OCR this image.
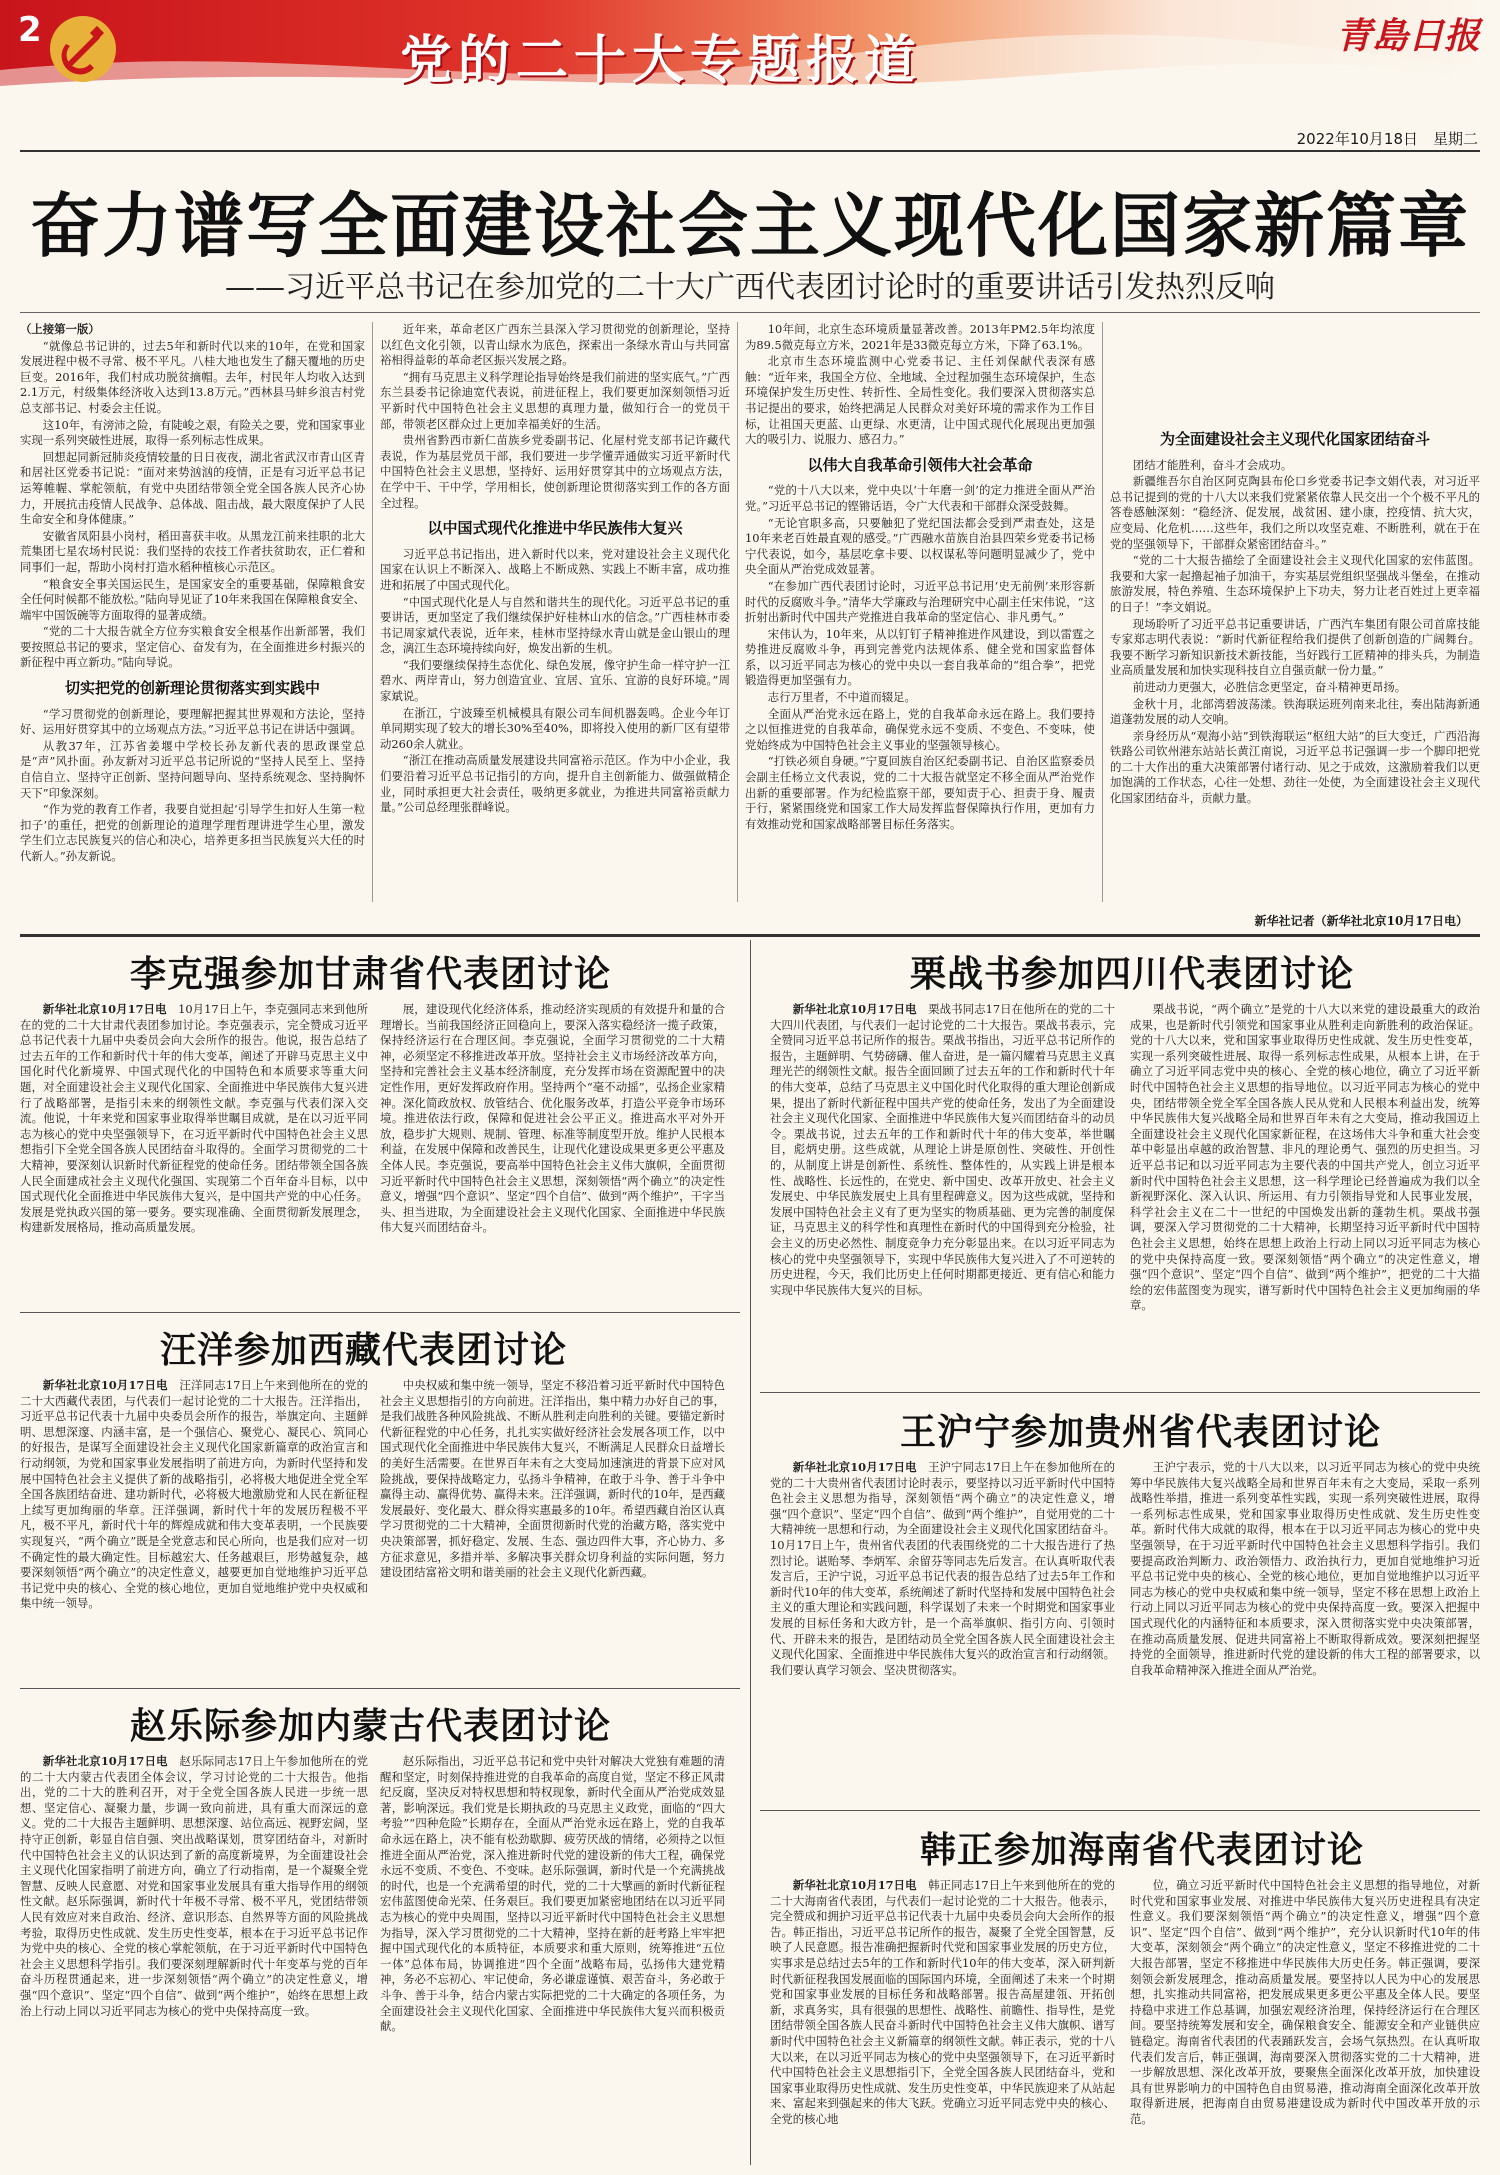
2
党的二十大专题报道	青島日报
2022年10月18日　星期二
奋力谱写全面建设社会主义现代化国家新篇章
——习近平总书记在参加党的二十大广西代表团讨论时的重要讲话引发热烈反响

（上接第一版）

“就像总书记讲的，过去5年和新时代以来的10年，在党和国家发展进程中极不寻常、极不平凡。八桂大地也发生了翻天覆地的历史巨变。2016年，我们村成功脱贫摘帽。去年，村民年人均收入达到2.1万元，村级集体经济收入达到13.8万元。”西林县马蚌乡浪吉村党总支部书记、村委会主任说。

这10年，有滂沛之险，有陡峻之艰，有险关之要，党和国家事业实现一系列突破性进展，取得一系列标志性成果。

回想起同新冠肺炎疫情较量的日日夜夜，湖北省武汉市青山区青和居社区党委书记说：“面对来势汹汹的疫情，正是有习近平总书记运筹帷幄、掌舵领航，有党中央团结带领全党全国各族人民齐心协力，开展抗击疫情人民战争、总体战、阻击战，最大限度保护了人民生命安全和身体健康。”

安徽省凤阳县小岗村，稻田喜获丰收。从黑龙江前来挂职的北大荒集团七星农场村民说：我们坚持的农技工作者扶贫助农，正仁着和同事们一起，帮助小岗村打造水稻种植核心示范区。

“粮食安全事关国运民生，是国家安全的重要基础，保障粮食安全任何时候都不能放松。”陆向导见证了10年来我国在保障粮食安全、端牢中国饭碗等方面取得的显著成绩。

“党的二十大报告就全方位夯实粮食安全根基作出新部署，我们要按照总书记的要求，坚定信心、奋发有为，在全面推进乡村振兴的新征程中再立新功。”陆向导说。

切实把党的创新理论贯彻落实到实践中

“学习贯彻党的创新理论，要理解把握其世界观和方法论，坚持好、运用好贯穿其中的立场观点方法。”习近平总书记在讲话中强调。

从教37年，江苏省姜堰中学校长孙友新代表的思政课堂总是“声”风扑面。孙友新对习近平总书记所说的“坚持人民至上、坚持自信自立、坚持守正创新、坚持问题导向、坚持系统观念、坚持胸怀天下”印象深刻。

“作为党的教育工作者，我要自觉担起‘引导学生扣好人生第一粒扣子’的重任，把党的创新理论的道理学理哲理讲进学生心里，激发学生们立志民族复兴的信心和决心，培养更多担当民族复兴大任的时代新人。”孙友新说。

近年来，革命老区广西东兰县深入学习贯彻党的创新理论，坚持以红色文化引领，以青山绿水为底色，探索出一条绿水青山与共同富裕相得益彰的革命老区振兴发展之路。

“拥有马克思主义科学理论指导始终是我们前进的坚实底气。”广西东兰县委书记徐迪宽代表说，前进征程上，我们要更加深刻领悟习近平新时代中国特色社会主义思想的真理力量，做知行合一的党员干部，带领老区群众过上更加幸福美好的生活。

贵州省黔西市新仁苗族乡党委副书记、化屋村党支部书记许藏代表说，作为基层党员干部，我们要进一步学懂弄通做实习近平新时代中国特色社会主义思想，坚持好、运用好贯穿其中的立场观点方法，在学中干、干中学，学用相长，使创新理论贯彻落实到工作的各方面全过程。

以中国式现代化推进中华民族伟大复兴

习近平总书记指出，进入新时代以来，党对建设社会主义现代化国家在认识上不断深入、战略上不断成熟、实践上不断丰富，成功推进和拓展了中国式现代化。

“中国式现代化是人与自然和谐共生的现代化。习近平总书记的重要讲话，更加坚定了我们继续保护好桂林山水的信念。”广西桂林市委书记周家斌代表说，近年来，桂林市坚持绿水青山就是金山银山的理念，漓江生态环境持续向好，焕发出新的生机。

“我们要继续保持生态优化、绿色发展，像守护生命一样守护一江碧水、两岸青山，努力创造宜业、宜居、宜乐、宜游的良好环境。”周家斌说。

在浙江，宁波臻至机械模具有限公司车间机器轰鸣。企业今年订单同期实现了较大的增长30%至40%，即将投入使用的新厂区有望带动260余人就业。

“浙江在推动高质量发展建设共同富裕示范区。作为中小企业，我们要沿着习近平总书记指引的方向，提升自主创新能力、做强做精企业，同时承担更大社会责任，吸纳更多就业，为推进共同富裕贡献力量。”公司总经理张群峰说。

10年间，北京生态环境质量显著改善。2013年PM2.5年均浓度为89.5微克每立方米，2021年是33微克每立方米，下降了63.1%。

北京市生态环境监测中心党委书记、主任刘保献代表深有感触：“近年来，我国全方位、全地域、全过程加强生态环境保护，生态环境保护发生历史性、转折性、全局性变化。我们要深入贯彻落实总书记提出的要求，始终把满足人民群众对美好环境的需求作为工作目标，让祖国天更蓝、山更绿、水更清，让中国式现代化展现出更加强大的吸引力、说服力、感召力。”

以伟大自我革命引领伟大社会革命

“党的十八大以来，党中央以‘十年磨一剑’的定力推进全面从严治党。”习近平总书记的铿锵话语，令广大代表和干部群众深受鼓舞。

“无论官职多高，只要触犯了党纪国法都会受到严肃查处，这是10年来老百姓最直观的感受。”广西融水苗族自治县四荣乡党委书记杨宁代表说，如今，基层吃拿卡要、以权谋私等问题明显减少了，党中央全面从严治党成效显著。

“在参加广西代表团讨论时，习近平总书记用‘史无前例’来形容新时代的反腐败斗争。”清华大学廉政与治理研究中心副主任宋伟说，“这折射出新时代中国共产党推进自我革命的坚定信心、非凡勇气。”

宋伟认为，10年来，从以钉钉子精神推进作风建设，到以雷霆之势推进反腐败斗争，再到完善党内法规体系、健全党和国家监督体系，以习近平同志为核心的党中央以一套自我革命的“组合拳”，把党锻造得更加坚强有力。

志行万里者，不中道而辍足。

全面从严治党永远在路上，党的自我革命永远在路上。我们要持之以恒推进党的自我革命，确保党永远不变质、不变色、不变味，使党始终成为中国特色社会主义事业的坚强领导核心。

“打铁必须自身硬。”宁夏回族自治区纪委副书记、自治区监察委员会副主任杨立文代表说，党的二十大报告就坚定不移全面从严治党作出新的重要部署。作为纪检监察干部，要知责于心、担责于身、履责于行，紧紧围绕党和国家工作大局发挥监督保障执行作用，更加有力有效推动党和国家战略部署目标任务落实。

为全面建设社会主义现代化国家团结奋斗

团结才能胜利，奋斗才会成功。

新疆维吾尔自治区阿克陶县布伦口乡党委书记李文娟代表，对习近平总书记提到的党的十八大以来我们党紧紧依靠人民交出一个个极不平凡的答卷感触深刻：“稳经济、促发展，战贫困、建小康，控疫情、抗大灾，应变局、化危机……这些年，我们之所以攻坚克难、不断胜利，就在于在党的坚强领导下，干部群众紧密团结奋斗。”

“党的二十大报告描绘了全面建设社会主义现代化国家的宏伟蓝图。我要和大家一起撸起袖子加油干，夯实基层党组织坚强战斗堡垒，在推动旅游发展，特色养殖、生态环境保护上下功夫，努力让老百姓过上更幸福的日子！”李文娟说。

现场聆听了习近平总书记重要讲话，广西汽车集团有限公司首席技能专家郑志明代表说：“新时代新征程给我们提供了创新创造的广阔舞台。我要不断学习新知识新技术新技能，当好践行工匠精神的排头兵，为制造业高质量发展和加快实现科技自立自强贡献一份力量。”

前进动力更强大，必胜信念更坚定，奋斗精神更昂扬。

金秋十月，北部湾碧波荡漾。铁海联运班列南来北往，奏出陆海新通道蓬勃发展的动人交响。

亲身经历从“观海小站”到铁海联运“枢纽大站”的巨大变迁，广西沿海铁路公司钦州港东站站长黄江南说，习近平总书记强调一步一个脚印把党的二十大作出的重大决策部署付诸行动、见之于成效，这激励着我们以更加饱满的工作状态，心往一处想、劲往一处使，为全面建设社会主义现代化国家团结奋斗，贡献力量。

新华社记者（新华社北京10月17日电）
李克强参加甘肃省代表团讨论

新华社北京10月17日电　10月17日上午，李克强同志来到他所在的党的二十大甘肃代表团参加讨论。李克强表示，完全赞成习近平总书记代表十九届中央委员会向大会所作的报告。他说，报告总结了过去五年的工作和新时代十年的伟大变革，阐述了开辟马克思主义中国化时代化新境界、中国式现代化的中国特色和本质要求等重大问题，对全面建设社会主义现代化国家、全面推进中华民族伟大复兴进行了战略部署，是指引未来的纲领性文献。李克强与代表们深入交流。他说，十年来党和国家事业取得举世瞩目成就，是在以习近平同志为核心的党中央坚强领导下，在习近平新时代中国特色社会主义思想指引下全党全国各族人民团结奋斗取得的。全面学习贯彻党的二十大精神，要深刻认识新时代新征程党的使命任务。团结带领全国各族人民全面建成社会主义现代化强国、实现第二个百年奋斗目标，以中国式现代化全面推进中华民族伟大复兴，是中国共产党的中心任务。发展是党执政兴国的第一要务。要实现准确、全面贯彻新发展理念，构建新发展格局，推动高质量发展。

展，建设现代化经济体系，推动经济实现质的有效提升和量的合理增长。当前我国经济正回稳向上，要深入落实稳经济一揽子政策，保持经济运行在合理区间。李克强说，全面学习贯彻党的二十大精神，必须坚定不移推进改革开放。坚持社会主义市场经济改革方向，坚持和完善社会主义基本经济制度，充分发挥市场在资源配置中的决定性作用，更好发挥政府作用。坚持两个“毫不动摇”，弘扬企业家精神。深化简政放权、放管结合、优化服务改革，打造公平竞争市场环境。推进依法行政，保障和促进社会公平正义。推进高水平对外开放，稳步扩大规则、规制、管理、标准等制度型开放。维护人民根本利益，在发展中保障和改善民生，让现代化建设成果更多更公平惠及全体人民。李克强说，要高举中国特色社会主义伟大旗帜，全面贯彻习近平新时代中国特色社会主义思想，深刻领悟“两个确立”的决定性意义，增强“四个意识”、坚定“四个自信”、做到“两个维护”，干字当头、担当进取，为全面建设社会主义现代化国家、全面推进中华民族伟大复兴而团结奋斗。

栗战书参加四川代表团讨论

新华社北京10月17日电　栗战书同志17日在他所在的党的二十大四川代表团，与代表们一起讨论党的二十大报告。栗战书表示，完全赞同习近平总书记所作的报告。栗战书指出，习近平总书记所作的报告，主题鲜明、气势磅礴、催人奋进，是一篇闪耀着马克思主义真理光芒的纲领性文献。报告全面回顾了过去五年的工作和新时代十年的伟大变革，总结了马克思主义中国化时代化取得的重大理论创新成果，提出了新时代新征程中国共产党的使命任务，发出了为全面建设社会主义现代化国家、全面推进中华民族伟大复兴而团结奋斗的动员令。栗战书说，过去五年的工作和新时代十年的伟大变革，举世瞩目，彪炳史册。这些成就，从理论上讲是原创性、突破性、开创性的，从制度上讲是创新性、系统性、整体性的，从实践上讲是根本性、战略性、长远性的，在党史、新中国史、改革开放史、社会主义发展史、中华民族发展史上具有里程碑意义。因为这些成就，坚持和发展中国特色社会主义有了更为坚实的物质基础、更为完善的制度保证，马克思主义的科学性和真理性在新时代的中国得到充分检验，社会主义的历史必然性、制度竞争力充分彰显出来。在以习近平同志为核心的党中央坚强领导下，实现中华民族伟大复兴进入了不可逆转的历史进程，今天，我们比历史上任何时期都更接近、更有信心和能力实现中华民族伟大复兴的目标。

栗战书说，“两个确立”是党的十八大以来党的建设最重大的政治成果，也是新时代引领党和国家事业从胜利走向新胜利的政治保证。党的十八大以来，党和国家事业取得历史性成就、发生历史性变革，实现一系列突破性进展、取得一系列标志性成果，从根本上讲，在于确立了习近平同志党中央的核心、全党的核心地位，确立了习近平新时代中国特色社会主义思想的指导地位。以习近平同志为核心的党中央，团结带领全党全军全国各族人民从党和人民根本利益出发，统筹中华民族伟大复兴战略全局和世界百年未有之大变局，推动我国迈上全面建设社会主义现代化国家新征程，在这场伟大斗争和重大社会变革中彰显出卓越的政治智慧、非凡的理论勇气、强烈的历史担当。习近平总书记和以习近平同志为主要代表的中国共产党人，创立习近平新时代中国特色社会主义思想，这一科学理论已经普遍成为我们以全新视野深化、深入认识、所运用、有力引领指导党和人民事业发展，科学社会主义在二十一世纪的中国焕发出新的蓬勃生机。栗战书强调，要深入学习贯彻党的二十大精神，长期坚持习近平新时代中国特色社会主义思想，始终在思想上政治上行动上同以习近平同志为核心的党中央保持高度一致。要深刻领悟“两个确立”的决定性意义，增强“四个意识”、坚定“四个自信”、做到“两个维护”，把党的二十大描绘的宏伟蓝图变为现实，谱写新时代中国特色社会主义更加绚丽的华章。

汪洋参加西藏代表团讨论

新华社北京10月17日电　汪洋同志17日上午来到他所在的党的二十大西藏代表团，与代表们一起讨论党的二十大报告。汪洋指出，习近平总书记代表十九届中央委员会所作的报告，举旗定向、主题鲜明、思想深邃、内涵丰富，是一个强信心、聚党心、凝民心、筑同心的好报告，是谋写全面建设社会主义现代化国家新篇章的政治宣言和行动纲领，为党和国家事业发展指明了前进方向，为新时代坚持和发展中国特色社会主义提供了新的战略指引，必将极大地促进全党全军全国各族团结奋进、建功新时代，必将极大地激励党和人民在新征程上续写更加绚丽的华章。汪洋强调，新时代十年的发展历程极不平凡，极不平凡，新时代十年的辉煌成就和伟大变革表明，一个民族要实现复兴，“两个确立”既是全党意志和民心所向，也是我们应对一切不确定性的最大确定性。目标越宏大、任务越艰巨，形势越复杂，越要深刻领悟“两个确立”的决定性意义，越要更加自觉地维护习近平总书记党中央的核心、全党的核心地位，更加自觉地维护党中央权威和集中统一领导。

中央权威和集中统一领导，坚定不移沿着习近平新时代中国特色社会主义思想指引的方向前进。汪洋指出，集中精力办好自己的事，是我们战胜各种风险挑战、不断从胜利走向胜利的关键。要锚定新时代新征程党的中心任务，扎扎实实做好经济社会发展各项工作，以中国式现代化全面推进中华民族伟大复兴，不断满足人民群众日益增长的美好生活需要。在世界百年未有之大变局加速演进的背景下应对风险挑战，要保持战略定力，弘扬斗争精神，在敢于斗争、善于斗争中赢得主动、赢得优势、赢得未来。汪洋强调，新时代的10年，是西藏发展最好、变化最大、群众得实惠最多的10年。希望西藏自治区认真学习贯彻党的二十大精神，全面贯彻新时代党的治藏方略，落实党中央决策部署，抓好稳定、发展、生态、强边四件大事，齐心协力、多方征求意见，多措并举、多解决事关群众切身利益的实际问题，努力建设团结富裕文明和谐美丽的社会主义现代化新西藏。

王沪宁参加贵州省代表团讨论

新华社北京10月17日电　王沪宁同志17日上午在参加他所在的党的二十大贵州省代表团讨论时表示，要坚持以习近平新时代中国特色社会主义思想为指导，深刻领悟“两个确立”的决定性意义，增强“四个意识”、坚定“四个自信”、做到“两个维护”，自觉用党的二十大精神统一思想和行动，为全面建设社会主义现代化国家团结奋斗。10月17日上午，贵州省代表团的代表围绕党的二十大报告进行了热烈讨论。谌贻琴、李炳军、余留芬等同志先后发言。在认真听取代表发言后，王沪宁说，习近平总书记代表的报告总结了过去5年工作和新时代10年的伟大变革，系统阐述了新时代坚持和发展中国特色社会主义的重大理论和实践问题，科学谋划了未来一个时期党和国家事业发展的目标任务和大政方针，是一个高举旗帜、指引方向、引领时代、开辟未来的报告，是团结动员全党全国各族人民全面建设社会主义现代化国家、全面推进中华民族伟大复兴的政治宣言和行动纲领。我们要认真学习领会、坚决贯彻落实。

王沪宁表示，党的十八大以来，以习近平同志为核心的党中央统筹中华民族伟大复兴战略全局和世界百年未有之大变局，采取一系列战略性举措，推进一系列变革性实践，实现一系列突破性进展，取得一系列标志性成果，党和国家事业取得历史性成就、发生历史性变革。新时代伟大成就的取得，根本在于以习近平同志为核心的党中央坚强领导，在于习近平新时代中国特色社会主义思想科学指引。我们要提高政治判断力、政治领悟力、政治执行力，更加自觉地维护习近平总书记党中央的核心、全党的核心地位，更加自觉地维护以习近平同志为核心的党中央权威和集中统一领导，坚定不移在思想上政治上行动上同以习近平同志为核心的党中央保持高度一致。要深入把握中国式现代化的内涵特征和本质要求，深入贯彻落实党中央决策部署，在推动高质量发展、促进共同富裕上不断取得新成效。要深刻把握坚持党的全面领导，推进新时代党的建设新的伟大工程的部署要求，以自我革命精神深入推进全面从严治党。

赵乐际参加内蒙古代表团讨论

新华社北京10月17日电　赵乐际同志17日上午参加他所在的党的二十大内蒙古代表团全体会议，学习讨论党的二十大报告。他指出，党的二十大的胜利召开，对于全党全国各族人民进一步统一思想、坚定信心、凝聚力量，步调一致向前进，具有重大而深远的意义。党的二十大报告主题鲜明、思想深邃、站位高远、视野宏阔，坚持守正创新，彰显自信自强、突出战略谋划，贯穿团结奋斗，对新时代中国特色社会主义的认识达到了新的高度新境界，为全面建设社会主义现代化国家指明了前进方向，确立了行动指南，是一个凝聚全党智慧、反映人民意愿、对党和国家事业发展具有重大指导作用的纲领性文献。赵乐际强调，新时代十年极不寻常、极不平凡，党团结带领人民有效应对来自政治、经济、意识形态、自然界等方面的风险挑战考验，取得历史性成就、发生历史性变革，根本在于习近平总书记作为党中央的核心、全党的核心掌舵领航，在于习近平新时代中国特色社会主义思想科学指引。我们要深刻理解新时代十年变革与党的百年奋斗历程贯通起来，进一步深刻领悟“两个确立”的决定性意义，增强“四个意识”、坚定“四个自信”、做到“两个维护”，始终在思想上政治上行动上同以习近平同志为核心的党中央保持高度一致。

赵乐际指出，习近平总书记和党中央针对解决大党独有难题的清醒和坚定，时刻保持推进党的自我革命的高度自觉，坚定不移正风肃纪反腐，坚决反对特权思想和特权现象，新时代全面从严治党成效显著，影响深远。我们党是长期执政的马克思主义政党，面临的“四大考验”“四种危险”长期存在，全面从严治党永远在路上，党的自我革命永远在路上，决不能有松劲歇脚、疲劳厌战的情绪，必须持之以恒推进全面从严治党，深入推进新时代党的建设新的伟大工程，确保党永远不变质、不变色、不变味。赵乐际强调，新时代是一个充满挑战的时代，也是一个充满希望的时代，党的二十大擘画的新时代新征程宏伟蓝图使命光荣、任务艰巨。我们要更加紧密地团结在以习近平同志为核心的党中央周围，坚持以习近平新时代中国特色社会主义思想为指导，深入学习贯彻党的二十大精神，坚持在新的赶考路上牢牢把握中国式现代化的本质特征，本质要求和重大原则，统筹推进“五位一体”总体布局，协调推进“四个全面”战略布局，弘扬伟大建党精神，务必不忘初心、牢记使命，务必谦虚谨慎、艰苦奋斗，务必敢于斗争、善于斗争，结合内蒙古实际把党的二十大确定的各项任务，为全面建设社会主义现代化国家、全面推进中华民族伟大复兴而积极贡献。

韩正参加海南省代表团讨论

新华社北京10月17日电　韩正同志17日上午来到他所在的党的二十大海南省代表团，与代表们一起讨论党的二十大报告。他表示，完全赞成和拥护习近平总书记代表十九届中央委员会向大会所作的报告。韩正指出，习近平总书记所作的报告，凝聚了全党全国智慧，反映了人民意愿。报告准确把握新时代党和国家事业发展的历史方位，实事求是总结过去5年的工作和新时代10年的伟大变革，深入研判新时代新征程我国发展面临的国际国内环境，全面阐述了未来一个时期党和国家事业发展的目标任务和战略部署。报告高屋建瓴、开拓创新，求真务实，具有很强的思想性、战略性、前瞻性、指导性，是党团结带领全国各族人民奋斗新时代中国特色社会主义伟大旗帜、谱写新时代中国特色社会主义新篇章的纲领性文献。韩正表示，党的十八大以来，在以习近平同志为核心的党中央坚强领导下，在习近平新时代中国特色社会主义思想指引下，全党全国各族人民团结奋斗，党和国家事业取得历史性成就、发生历史性变革，中华民族迎来了从站起来、富起来到强起来的伟大飞跃。党确立习近平同志党中央的核心、全党的核心地

位，确立习近平新时代中国特色社会主义思想的指导地位，对新时代党和国家事业发展、对推进中华民族伟大复兴历史进程具有决定性意义。我们要深刻领悟“两个确立”的决定性意义，增强“四个意识”、坚定“四个自信”、做到“两个维护”，充分认识新时代10年的伟大变革，深刻领会“两个确立”的决定性意义，坚定不移推进党的二十大报告部署，坚定不移推进中华民族伟大历史任务。韩正强调，要深刻领会新发展理念，推动高质量发展。要坚持以人民为中心的发展思想，扎实推动共同富裕，把发展成果更多更公平惠及全体人民。要坚持稳中求进工作总基调，加强宏观经济治理，保持经济运行在合理区间。要坚持统筹发展和安全，确保粮食安全、能源安全和产业链供应链稳定。海南省代表团的代表踊跃发言，会场气氛热烈。在认真听取代表们发言后，韩正强调，海南要深入贯彻落实党的二十大精神，进一步解放思想、深化改革开放，要聚焦全面深化改革开放，加快建设具有世界影响力的中国特色自由贸易港，推动海南全面深化改革开放取得新进展，把海南自由贸易港建设成为新时代中国改革开放的示范。
